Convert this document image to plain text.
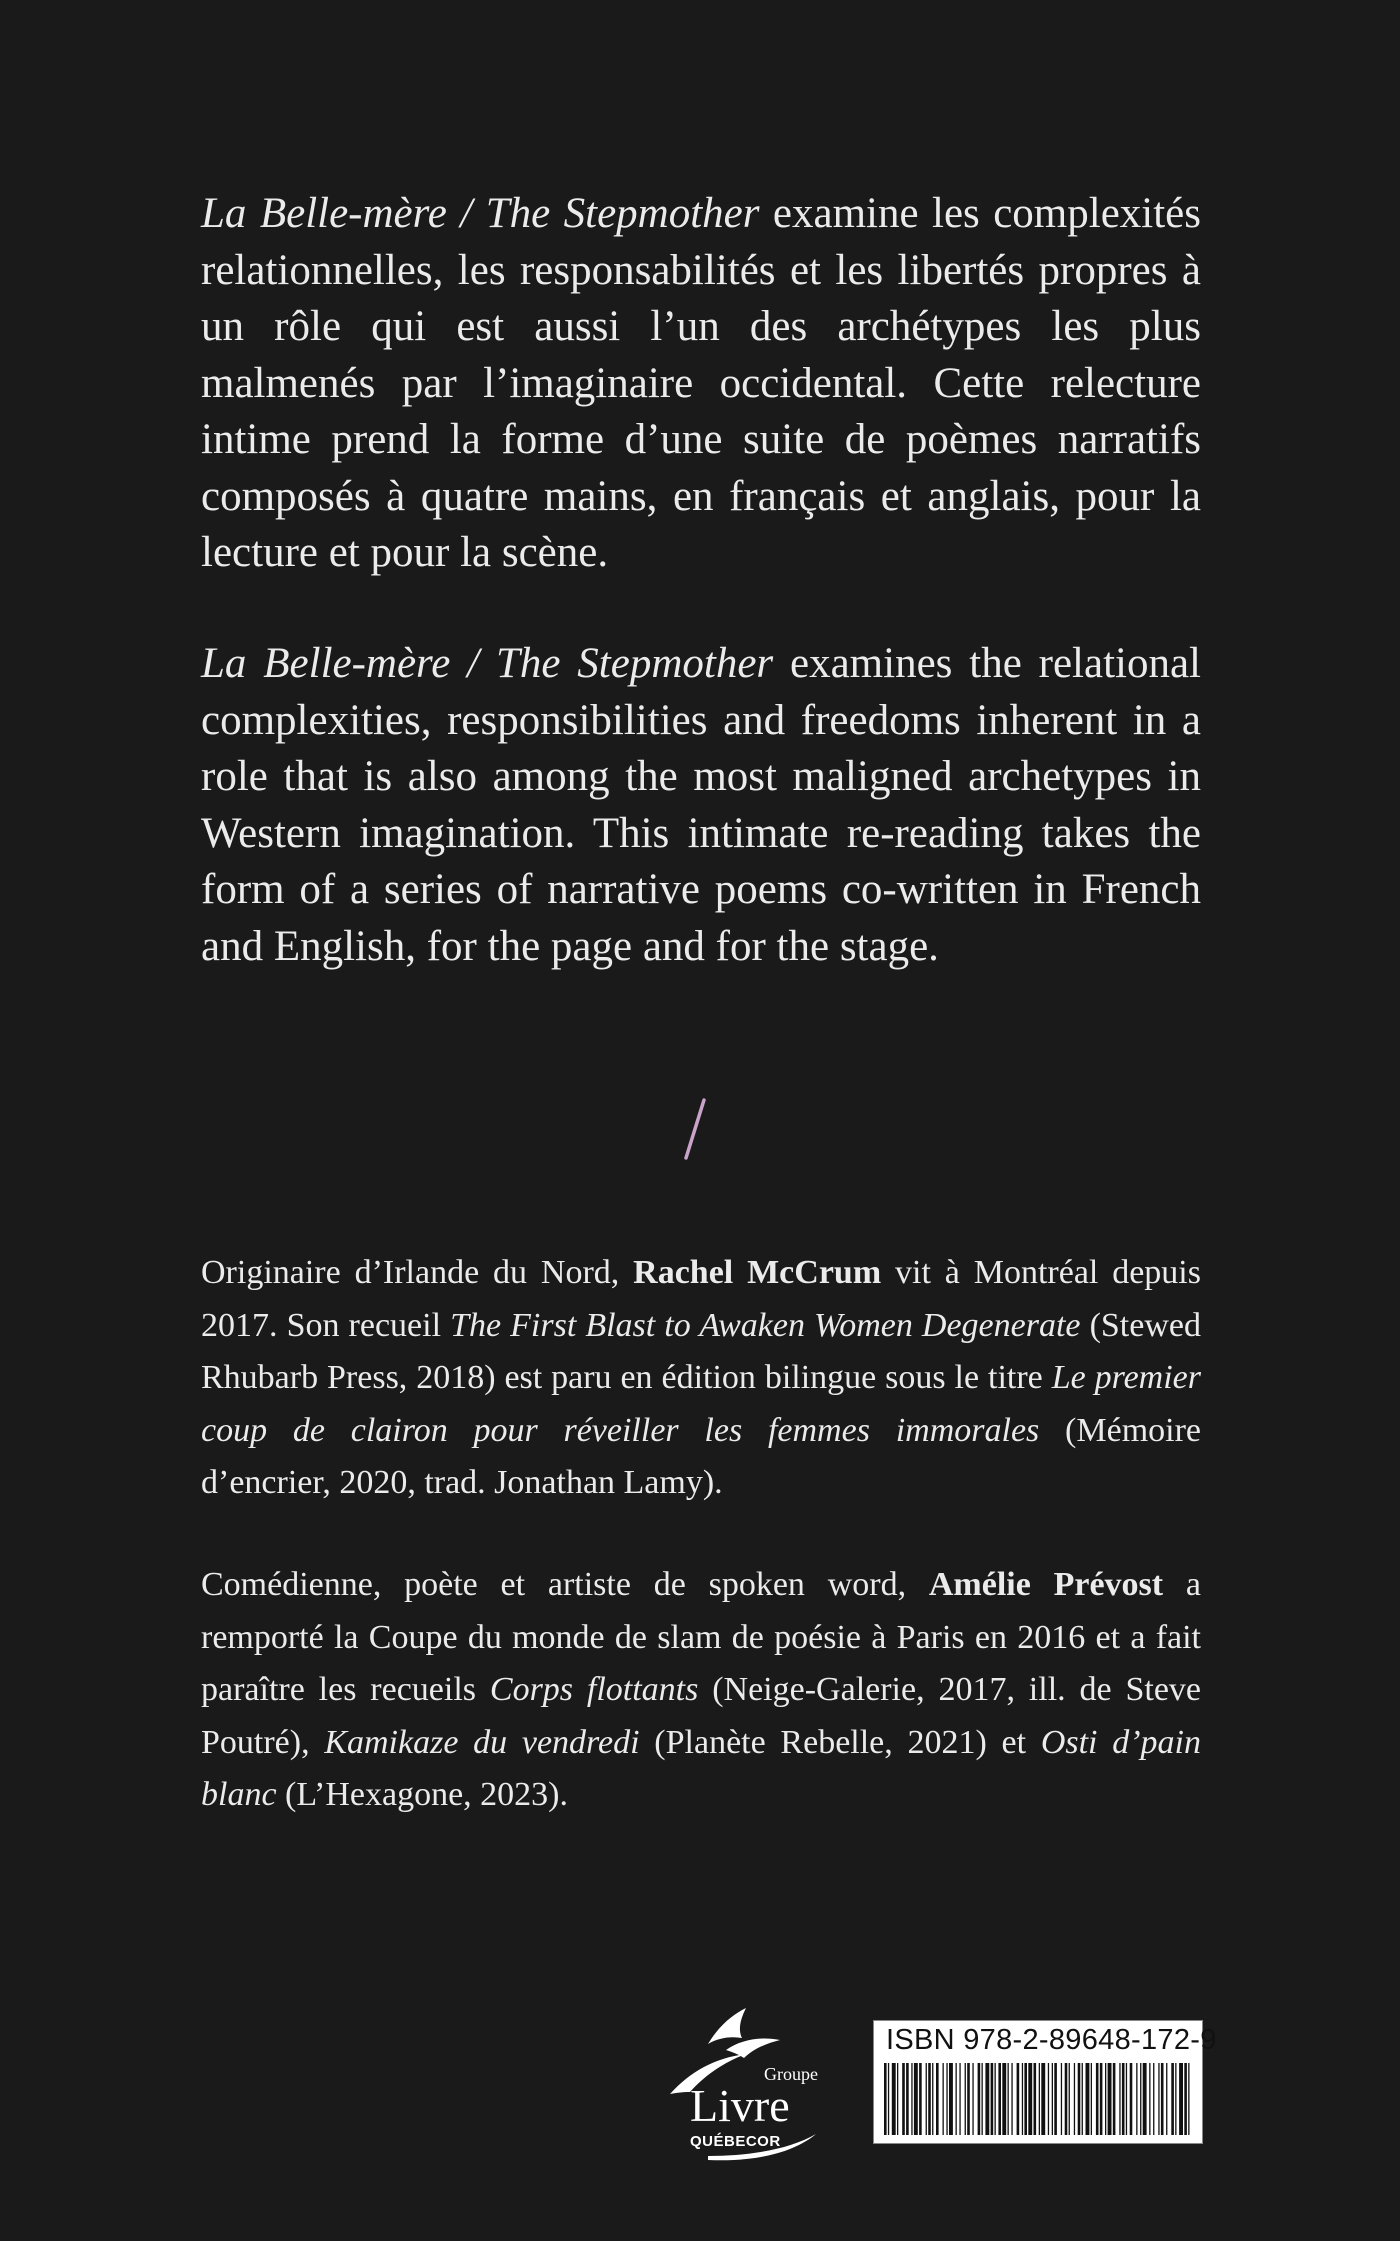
La Belle-mère / The Stepmother examine les complexités relationnelles, les responsabilités et les libertés propres à un rôle qui est aussi l’un des archétypes les plus malmenés par l’imaginaire occidental. Cette relecture intime prend la forme d’une suite de poèmes narratifs composés à quatre mains, en français et anglais, pour la lecture et pour la scène.

La Belle-mère / The Stepmother examines the relational complexities, responsibilities and freedoms inherent in a role that is also among the most maligned archetypes in Western imagination. This intimate re-reading takes the form of a series of narrative poems co-written in French and English, for the page and for the stage.

Originaire d’Irlande du Nord, Rachel McCrum vit à Montréal depuis 2017. Son recueil The First Blast to Awaken Women Degenerate (Stewed Rhubarb Press, 2018) est paru en édition bilingue sous le titre Le premier coup de clairon pour réveiller les femmes immorales (Mémoire d’encrier, 2020, trad. Jonathan Lamy).

Comédienne, poète et artiste de spoken word, Amélie Prévost a remporté la Coupe du monde de slam de poésie à Paris en 2016 et a fait paraître les recueils Corps flottants (Neige-Galerie, 2017, ill. de Steve Poutré), Kamikaze du vendredi (Planète Rebelle, 2021) et Osti d’pain blanc (L’Hexagone, 2023).

Groupe
Livre
QUÉBECOR
ISBN 978-2-89648-172-9
